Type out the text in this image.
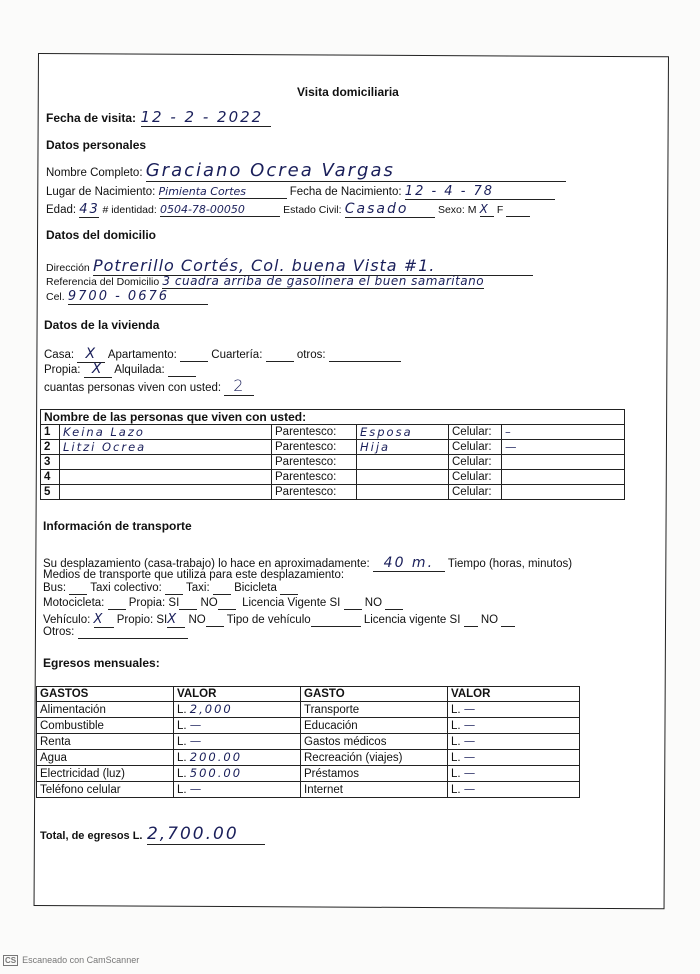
Visita domiciliaria
Fecha de visita: 12 - 2 - 2022
Datos personales
Nombre Completo: Graciano Ocrea Vargas
Lugar de Nacimiento: Pimienta Cortes	Fecha de Nacimiento: 12 - 4 - 78
Edad: 43 # identidad: 0504-78-00050	Estado Civil: Casado	Sexo: M X F
Datos del domicilio
Dirección Potrerillo Cortés, Col. buena Vista #1.
Referencia del Domicilio 3 cuadra arriba de gasolinera el buen samaritano
Cel. 9700 - 0676
Datos de la vivienda
Casa: X Apartamento:	Cuartería:	otros:
Propia: X Alquilada:
cuantas personas viven con usted: 2
Nombre de las personas que viven con usted:					
1	Keina Lazo	Parentesco:	Esposa	Celular:	–
2	Litzi Ocrea	Parentesco:	Hija	Celular:	—
3		Parentesco:		Celular:	
4		Parentesco:		Celular:	
5		Parentesco:		Celular:	
Información de transporte
Su desplazamiento (casa-trabajo) lo hace en aproximadamente: 40 m. Tiempo (horas, minutos)
Medios de transporte que utiliza para este desplazamiento:
Bus: Taxi colectivo: Taxi: Bicicleta
Motocicleta: Propia: SI NO Licencia Vigente SI NO
Vehículo: X Propio: SIX NO Tipo de vehículo	Licencia vigente SI NO
Otros:
Egresos mensuales:
GASTOS	VALOR	GASTO	VALOR
Alimentación	L. 2,000	Transporte	L. —
Combustible	L. —	Educación	L. —
Renta	L. —	Gastos médicos	L. —
Agua	L. 200.00	Recreación (viajes)	L. —
Electricidad (luz)	L. 500.00	Préstamos	L. —
Teléfono celular	L. —	Internet	L. —
Total, de egresos L. 2,700.00
CS Escaneado con CamScanner
